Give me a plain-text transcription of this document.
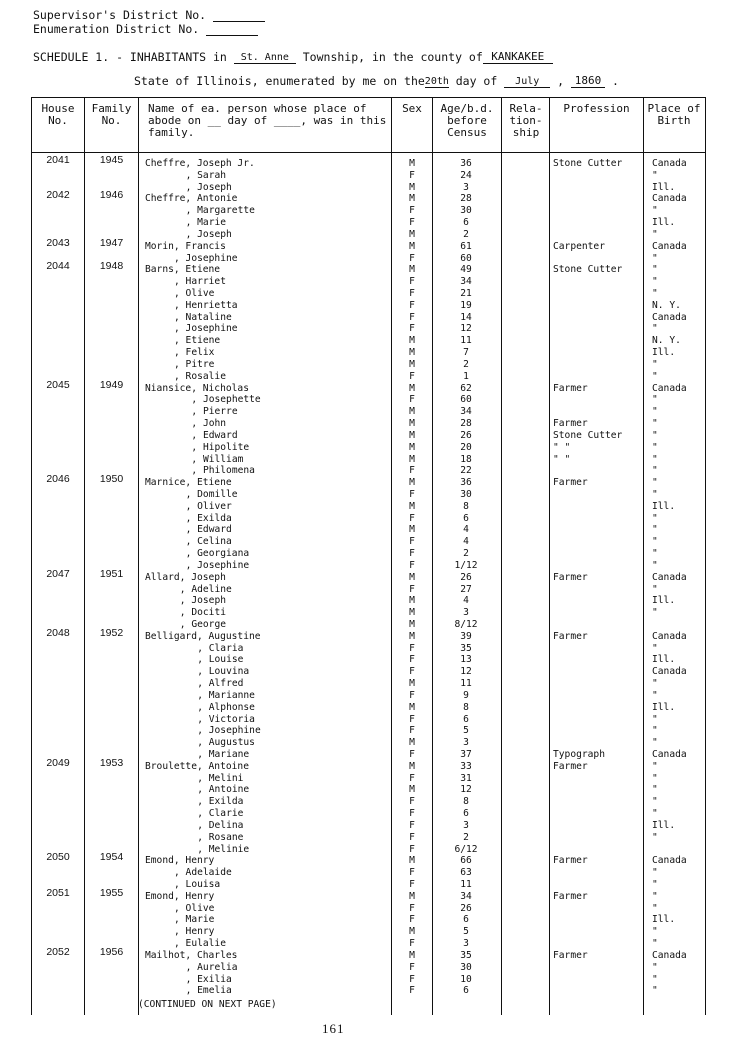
Supervisor's District No.
Enumeration District No.
SCHEDULE 1. - INHABITANTS in St. Anne Township, in the county of KANKAKEE
State of Illinois, enumerated by me on the20th day of July , 1860 .
House No.
Family No.
Name of ea. person whose place of abode on __ day of ____, was in this family.
Sex	Age/b.d. before Census
Rela- tion- ship
Profession	Place of Birth
2041	1945	Cheffre, Joseph Jr.	M	36	Stone Cutter	Canada
, Sarah	F	24	"
, Joseph	M	3	Ill.
2042	1946	Cheffre, Antonie	M	28	Canada
, Margarette	F	30	"
, Marie	F	6	Ill.
, Joseph	M	2	"
2043	1947	Morin, Francis	M	61	Carpenter	Canada
, Josephine	F	60	"
2044	1948	Barns, Etiene	M	49	Stone Cutter	"
, Harriet	F	34	"
, Olive	F	21	"
, Henrietta	F	19	N. Y.
, Nataline	F	14	Canada
, Josephine	F	12	"
, Etiene	M	11	N. Y.
, Felix	M	7	Ill.
, Pitre	M	2	"
, Rosalie	F	1	"
2045	1949	Niansice, Nicholas	M	62	Farmer	Canada
, Josephette	F	60	"
, Pierre	M	34	"
, John	M	28	Farmer	"
, Edward	M	26	Stone Cutter	"
, Hipolite	M	20	" "	"
, William	M	18	" "	"
, Philomena	F	22	"
2046	1950	Marnice, Etiene	M	36	Farmer	"
, Domille	F	30	"
, Oliver	M	8	Ill.
, Exilda	F	6	"
, Edward	M	4	"
, Celina	F	4	"
, Georgiana	F	2	"
, Josephine	F	1/12	"
2047	1951	Allard, Joseph	M	26	Farmer	Canada
, Adeline	F	27	"
, Joseph	M	4	Ill.
, Dociti	M	3	"
, George	M	8/12
2048	1952	Belligard, Augustine	M	39	Farmer	Canada
, Claria	F	35	"
, Louise	F	13	Ill.
, Louvina	F	12	Canada
, Alfred	M	11	"
, Marianne	F	9	"
, Alphonse	M	8	Ill.
, Victoria	F	6	"
, Josephine	F	5	"
, Augustus	M	3	"
, Mariane	F	37	Typograph	Canada
2049	1953	Broulette, Antoine	M	33	Farmer	"
, Melini	F	31	"
, Antoine	M	12	"
, Exilda	F	8	"
, Clarie	F	6	"
, Delina	F	3	Ill.
, Rosane	F	2	"
, Melinie	F	6/12
2050	1954	Emond, Henry	M	66	Farmer	Canada
, Adelaide	F	63	"
, Louisa	F	11	"
2051	1955	Emond, Henry	M	34	Farmer	"
, Olive	F	26	"
, Marie	F	6	Ill.
, Henry	M	5	"
, Eulalie	F	3	"
2052	1956	Mailhot, Charles	M	35	Farmer	Canada
, Aurelia	F	30	"
, Exilia	F	10	"
, Emelia	F	6	"
(CONTINUED ON NEXT PAGE)
161
